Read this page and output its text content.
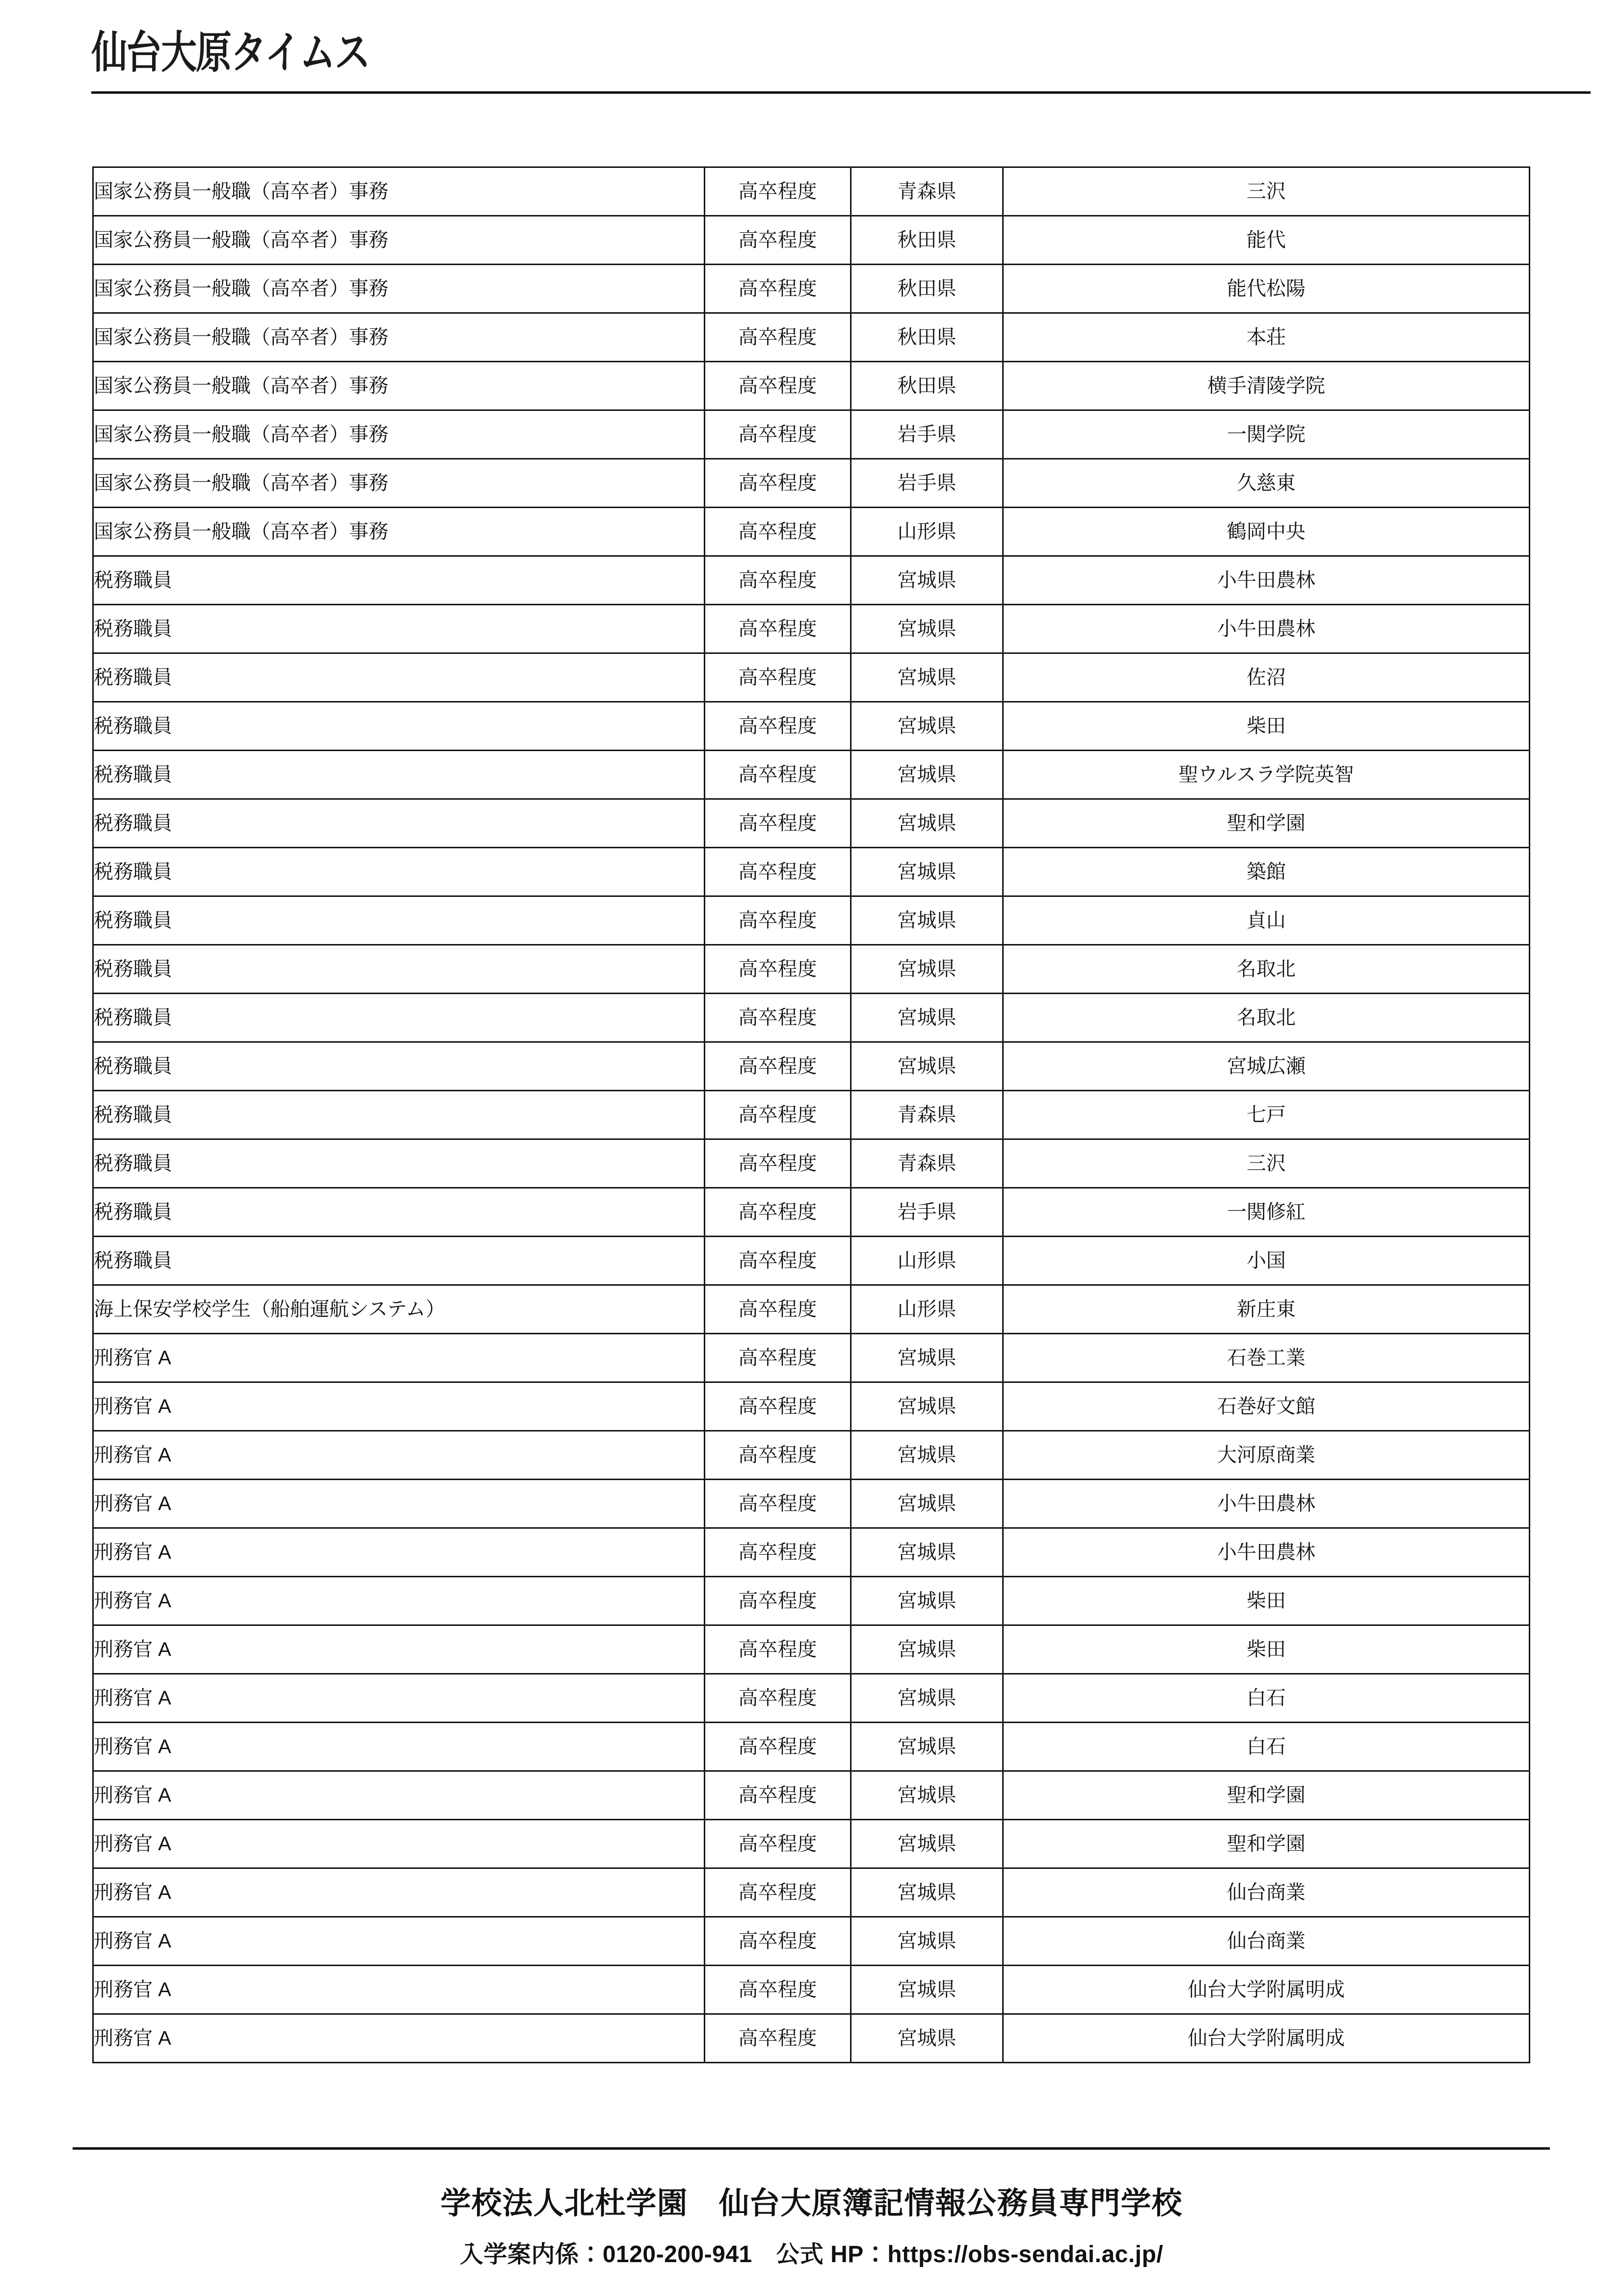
仙台大原タイムス
国家公務員一般職（高卒者）事務	高卒程度	青森県	三沢
国家公務員一般職（高卒者）事務	高卒程度	秋田県	能代
国家公務員一般職（高卒者）事務	高卒程度	秋田県	能代松陽
国家公務員一般職（高卒者）事務	高卒程度	秋田県	本荘
国家公務員一般職（高卒者）事務	高卒程度	秋田県	横手清陵学院
国家公務員一般職（高卒者）事務	高卒程度	岩手県	一関学院
国家公務員一般職（高卒者）事務	高卒程度	岩手県	久慈東
国家公務員一般職（高卒者）事務	高卒程度	山形県	鶴岡中央
税務職員	高卒程度	宮城県	小牛田農林
税務職員	高卒程度	宮城県	小牛田農林
税務職員	高卒程度	宮城県	佐沼
税務職員	高卒程度	宮城県	柴田
税務職員	高卒程度	宮城県	聖ウルスラ学院英智
税務職員	高卒程度	宮城県	聖和学園
税務職員	高卒程度	宮城県	築館
税務職員	高卒程度	宮城県	貞山
税務職員	高卒程度	宮城県	名取北
税務職員	高卒程度	宮城県	名取北
税務職員	高卒程度	宮城県	宮城広瀬
税務職員	高卒程度	青森県	七戸
税務職員	高卒程度	青森県	三沢
税務職員	高卒程度	岩手県	一関修紅
税務職員	高卒程度	山形県	小国
海上保安学校学生（船舶運航システム）	高卒程度	山形県	新庄東
刑務官 A	高卒程度	宮城県	石巻工業
刑務官 A	高卒程度	宮城県	石巻好文館
刑務官 A	高卒程度	宮城県	大河原商業
刑務官 A	高卒程度	宮城県	小牛田農林
刑務官 A	高卒程度	宮城県	小牛田農林
刑務官 A	高卒程度	宮城県	柴田
刑務官 A	高卒程度	宮城県	柴田
刑務官 A	高卒程度	宮城県	白石
刑務官 A	高卒程度	宮城県	白石
刑務官 A	高卒程度	宮城県	聖和学園
刑務官 A	高卒程度	宮城県	聖和学園
刑務官 A	高卒程度	宮城県	仙台商業
刑務官 A	高卒程度	宮城県	仙台商業
刑務官 A	高卒程度	宮城県	仙台大学附属明成
刑務官 A	高卒程度	宮城県	仙台大学附属明成
学校法人北杜学園　仙台大原簿記情報公務員専門学校
入学案内係：0120-200-941　公式 HP：https://obs-sendai.ac.jp/
